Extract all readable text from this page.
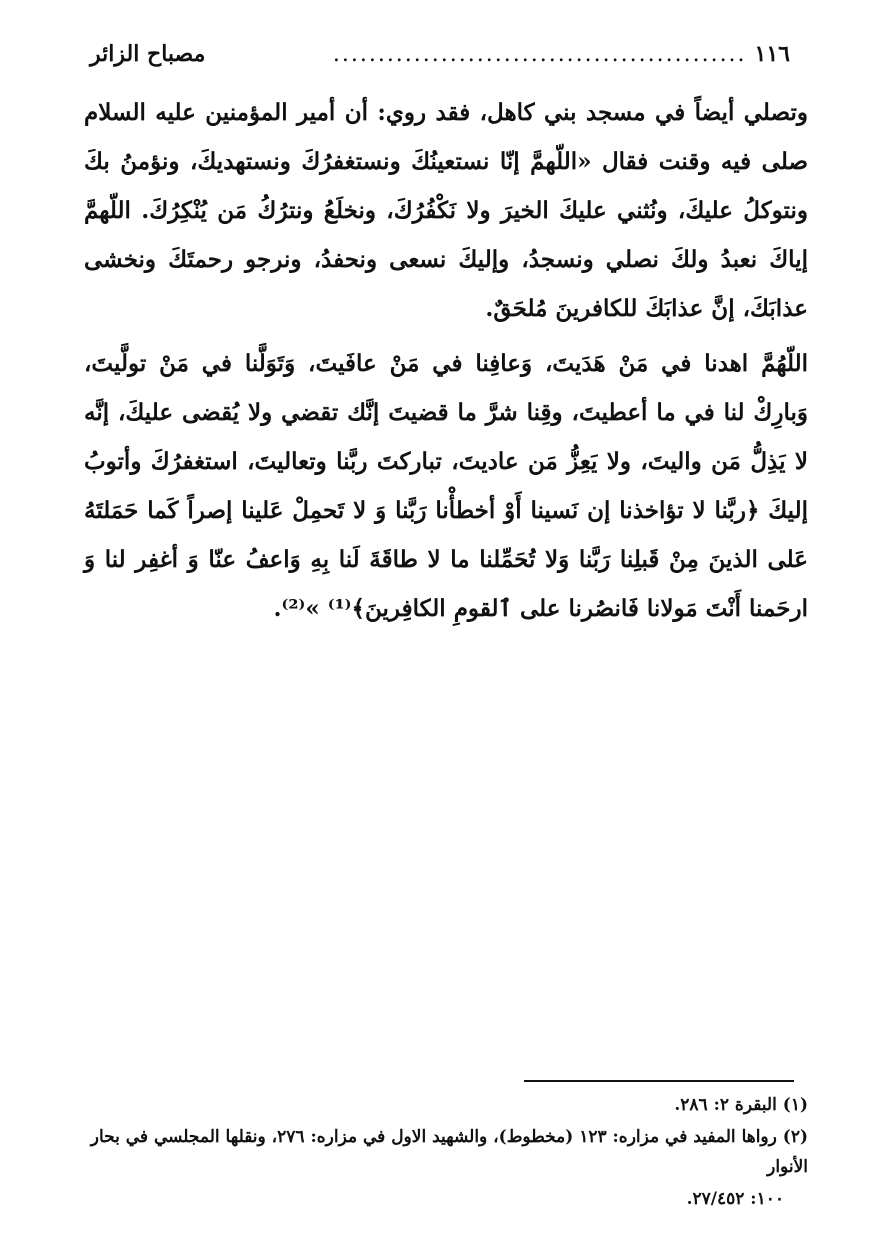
١١٦
..............................................
مصباح الزائر

وتصلي أيضاً في مسجد بني كاهل، فقد روي: أن أمير المؤمنين عليه السلام صلى فيه وقنت فقال «اللّهمَّ إنّا نستعينُكَ ونستغفرُكَ ونستهديكَ، ونؤمنُ بكَ ونتوكلُ عليكَ، ونُثني عليكَ الخيرَ ولا نَكْفُرُكَ، ونخلَعُ ونترُكُ مَن يُنْكِرُكَ. اللّهمَّ إياكَ نعبدُ ولكَ نصلي ونسجدُ، وإليكَ نسعى ونحفدُ، ونرجو رحمتَكَ ونخشى عذابَكَ، إنَّ عذابَكَ للكافرينَ مُلحَقٌ.

اللّهُمَّ اهدنا في مَنْ هَدَيتَ، وَعافِنا في مَنْ عافَيتَ، وَتَوَلَّنا في مَنْ تولَّيتَ، وَبارِكْ لنا في ما أعطيتَ، وقِنا شرَّ ما قضيتَ إنَّك تقضي ولا يُقضى عليكَ، إنَّه لا يَذِلُّ مَن واليتَ، ولا يَعِزُّ مَن عاديتَ، تباركتَ ربَّنا وتعاليتَ، استغفرُكَ وأتوبُ إليكَ ﴿ربَّنا لا تؤاخذنا إن نَسينا أَوْ أخطأْنا رَبَّنا وَ لا تَحمِلْ عَلينا إصراً كَما حَمَلتَهُ عَلى الذينَ مِنْ قَبلِنا رَبَّنا وَلا تُحَمِّلنا ما لا طاقَةَ لَنا بِهِ وَاعفُ عنّا وَ أغفِر لنا وَ ارحَمنا أَنْتَ مَولانا فَانصُرنا على ٱلقومِ الكافِرينَ﴾⁽¹⁾ »⁽²⁾.

(١) البقرة ٢: ٢٨٦.
(٢) رواها المفيد في مزاره: ١٢٣ (مخطوط)، والشهيد الاول في مزاره: ٢٧٦، ونقلها المجلسي في بحار الأنوار
١٠٠: ٢٧/٤٥٢.
